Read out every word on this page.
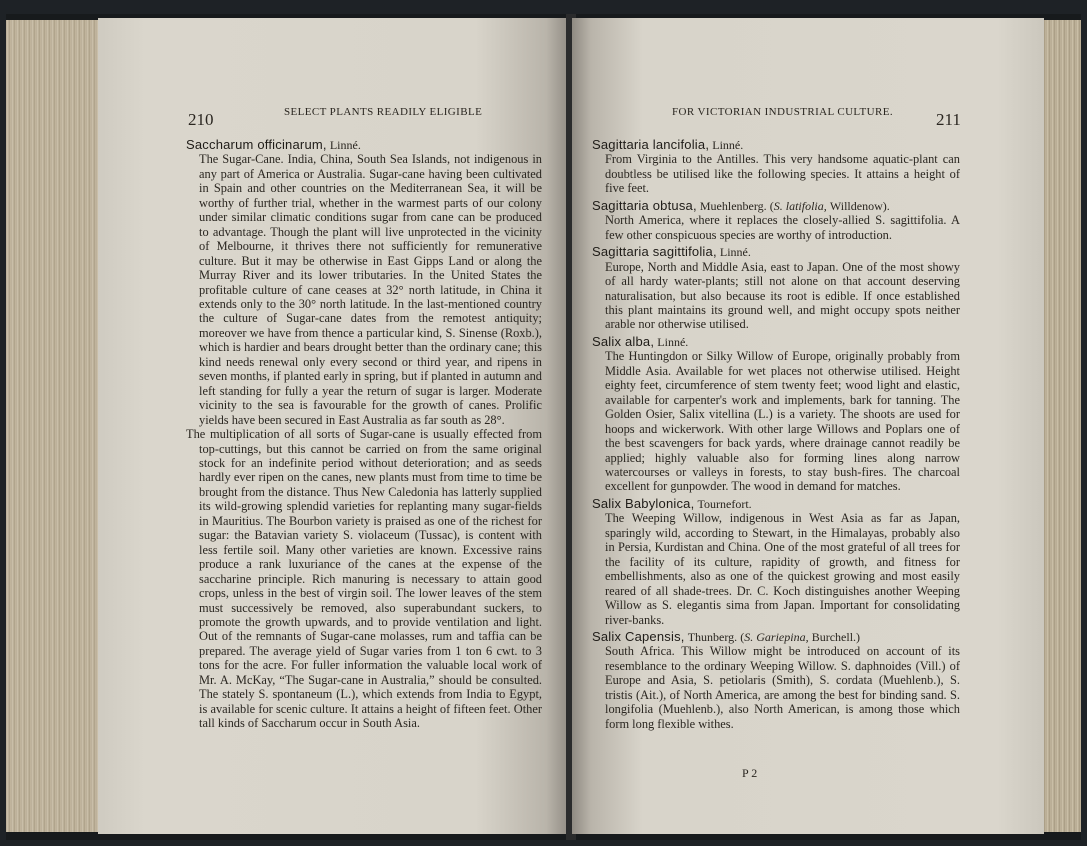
210	SELECT PLANTS READILY ELIGIBLE

Saccharum officinarum, Linné.

The Sugar-Cane. India, China, South Sea Islands, not indigenous in any part of America or Australia. Sugar-cane having been cultivated in Spain and other countries on the Mediterranean Sea, it will be worthy of further trial, whether in the warmest parts of our colony under similar climatic conditions sugar from cane can be produced to advantage. Though the plant will live unprotected in the vicinity of Melbourne, it thrives there not sufficiently for remunerative culture. But it may be otherwise in East Gipps Land or along the Murray River and its lower tributaries. In the United States the profitable culture of cane ceases at 32° north latitude, in China it extends only to the 30° north latitude. In the last-mentioned country the culture of Sugar-cane dates from the remotest antiquity; moreover we have from thence a particular kind, S. Sinense (Roxb.), which is hardier and bears drought better than the ordinary cane; this kind needs renewal only every second or third year, and ripens in seven months, if planted early in spring, but if planted in autumn and left standing for fully a year the return of sugar is larger. Moderate vicinity to the sea is favourable for the growth of canes. Prolific yields have been secured in East Australia as far south as 28°.

The multiplication of all sorts of Sugar-cane is usually effected from top-cuttings, but this cannot be carried on from the same original stock for an indefinite period without deterioration; and as seeds hardly ever ripen on the canes, new plants must from time to time be brought from the distance. Thus New Caledonia has latterly supplied its wild-growing splendid varieties for replanting many sugar-fields in Mauritius. The Bourbon variety is praised as one of the richest for sugar: the Batavian variety S. violaceum (Tussac), is content with less fertile soil. Many other varieties are known. Excessive rains produce a rank luxuriance of the canes at the expense of the saccharine principle. Rich manuring is necessary to attain good crops, unless in the best of virgin soil. The lower leaves of the stem must successively be removed, also superabundant suckers, to promote the growth upwards, and to provide ventilation and light. Out of the remnants of Sugar-cane molasses, rum and taffia can be prepared. The average yield of Sugar varies from 1 ton 6 cwt. to 3 tons for the acre. For fuller information the valuable local work of Mr. A. McKay, “The Sugar-cane in Australia,” should be consulted. The stately S. spontaneum (L.), which extends from India to Egypt, is available for scenic culture. It attains a height of fifteen feet. Other tall kinds of Saccharum occur in South Asia.

FOR VICTORIAN INDUSTRIAL CULTURE.	211

Sagittaria lancifolia, Linné.

From Virginia to the Antilles. This very handsome aquatic-plant can doubtless be utilised like the following species. It attains a height of five feet.

Sagittaria obtusa, Muehlenberg. (S. latifolia, Willdenow).

North America, where it replaces the closely-allied S. sagittifolia. A few other conspicuous species are worthy of introduction.

Sagittaria sagittifolia, Linné.

Europe, North and Middle Asia, east to Japan. One of the most showy of all hardy water-plants; still not alone on that account deserving naturalisation, but also because its root is edible. If once established this plant maintains its ground well, and might occupy spots neither arable nor otherwise utilised.

Salix alba, Linné.

The Huntingdon or Silky Willow of Europe, originally probably from Middle Asia. Available for wet places not otherwise utilised. Height eighty feet, circumference of stem twenty feet; wood light and elastic, available for carpenter's work and implements, bark for tanning. The Golden Osier, Salix vitellina (L.) is a variety. The shoots are used for hoops and wickerwork. With other large Willows and Poplars one of the best scavengers for back yards, where drainage cannot readily be applied; highly valuable also for forming lines along narrow watercourses or valleys in forests, to stay bush-fires. The charcoal excellent for gunpowder. The wood in demand for matches.

Salix Babylonica, Tournefort.

The Weeping Willow, indigenous in West Asia as far as Japan, sparingly wild, according to Stewart, in the Himalayas, probably also in Persia, Kurdistan and China. One of the most grateful of all trees for the facility of its culture, rapidity of growth, and fitness for embellishments, also as one of the quickest growing and most easily reared of all shade-trees. Dr. C. Koch distinguishes another Weeping Willow as S. elegantis sima from Japan. Important for consolidating river-banks.

Salix Capensis, Thunberg. (S. Gariepina, Burchell.)

South Africa. This Willow might be introduced on account of its resemblance to the ordinary Weeping Willow. S. daphnoides (Vill.) of Europe and Asia, S. petiolaris (Smith), S. cordata (Muehlenb.), S. tristis (Ait.), of North America, are among the best for binding sand. S. longifolia (Muehlenb.), also North American, is among those which form long flexible withes.

P 2
